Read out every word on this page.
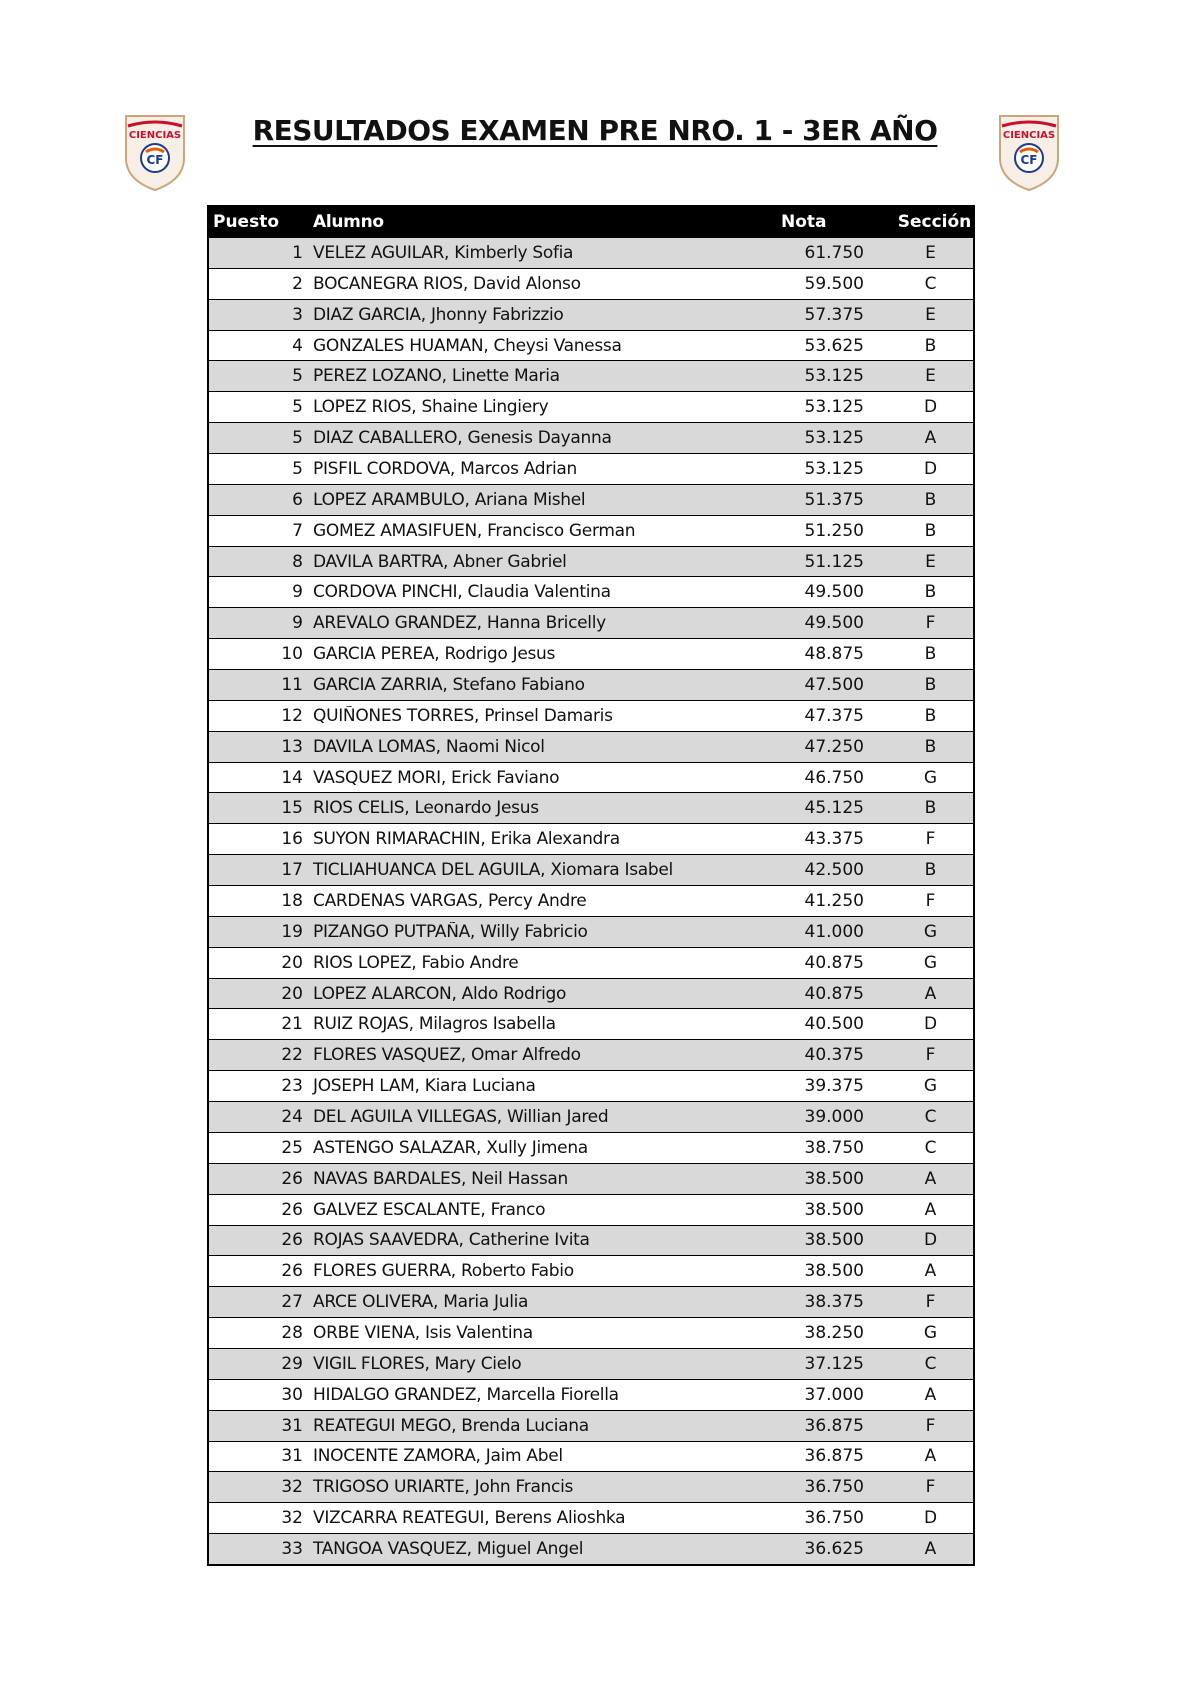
CIENCIAS
CF
CIENCIAS
CF
RESULTADOS EXAMEN PRE NRO. 1 - 3ER AÑO
Puesto	Alumno	Nota	Sección
1 VELEZ AGUILAR, Kimberly Sofia	61.750	E
2 BOCANEGRA RIOS, David Alonso	59.500	C
3 DIAZ GARCIA, Jhonny Fabrizzio	57.375	E
4 GONZALES HUAMAN, Cheysi Vanessa	53.625	B
5 PEREZ LOZANO, Linette Maria	53.125	E
5 LOPEZ RIOS, Shaine Lingiery	53.125	D
5 DIAZ CABALLERO, Genesis Dayanna	53.125	A
5 PISFIL CORDOVA, Marcos Adrian	53.125	D
6 LOPEZ ARAMBULO, Ariana Mishel	51.375	B
7 GOMEZ AMASIFUEN, Francisco German	51.250	B
8 DAVILA BARTRA, Abner Gabriel	51.125	E
9 CORDOVA PINCHI, Claudia Valentina	49.500	B
9 AREVALO GRANDEZ, Hanna Bricelly	49.500	F
10 GARCIA PEREA, Rodrigo Jesus	48.875	B
11 GARCIA ZARRIA, Stefano Fabiano	47.500	B
12 QUIÑONES TORRES, Prinsel Damaris	47.375	B
13 DAVILA LOMAS, Naomi Nicol	47.250	B
14 VASQUEZ MORI, Erick Faviano	46.750	G
15 RIOS CELIS, Leonardo Jesus	45.125	B
16 SUYON RIMARACHIN, Erika Alexandra	43.375	F
17 TICLIAHUANCA DEL AGUILA, Xiomara Isabel	42.500	B
18 CARDENAS VARGAS, Percy Andre	41.250	F
19 PIZANGO PUTPAÑA, Willy Fabricio	41.000	G
20 RIOS LOPEZ, Fabio Andre	40.875	G
20 LOPEZ ALARCON, Aldo Rodrigo	40.875	A
21 RUIZ ROJAS, Milagros Isabella	40.500	D
22 FLORES VASQUEZ, Omar Alfredo	40.375	F
23 JOSEPH LAM, Kiara Luciana	39.375	G
24 DEL AGUILA VILLEGAS, Willian Jared	39.000	C
25 ASTENGO SALAZAR, Xully Jimena	38.750	C
26 NAVAS BARDALES, Neil Hassan	38.500	A
26 GALVEZ ESCALANTE, Franco	38.500	A
26 ROJAS SAAVEDRA, Catherine Ivita	38.500	D
26 FLORES GUERRA, Roberto Fabio	38.500	A
27 ARCE OLIVERA, Maria Julia	38.375	F
28 ORBE VIENA, Isis Valentina	38.250	G
29 VIGIL FLORES, Mary Cielo	37.125	C
30 HIDALGO GRANDEZ, Marcella Fiorella	37.000	A
31 REATEGUI MEGO, Brenda Luciana	36.875	F
31 INOCENTE ZAMORA, Jaim Abel	36.875	A
32 TRIGOSO URIARTE, John Francis	36.750	F
32 VIZCARRA REATEGUI, Berens Alioshka	36.750	D
33 TANGOA VASQUEZ, Miguel Angel	36.625	A
